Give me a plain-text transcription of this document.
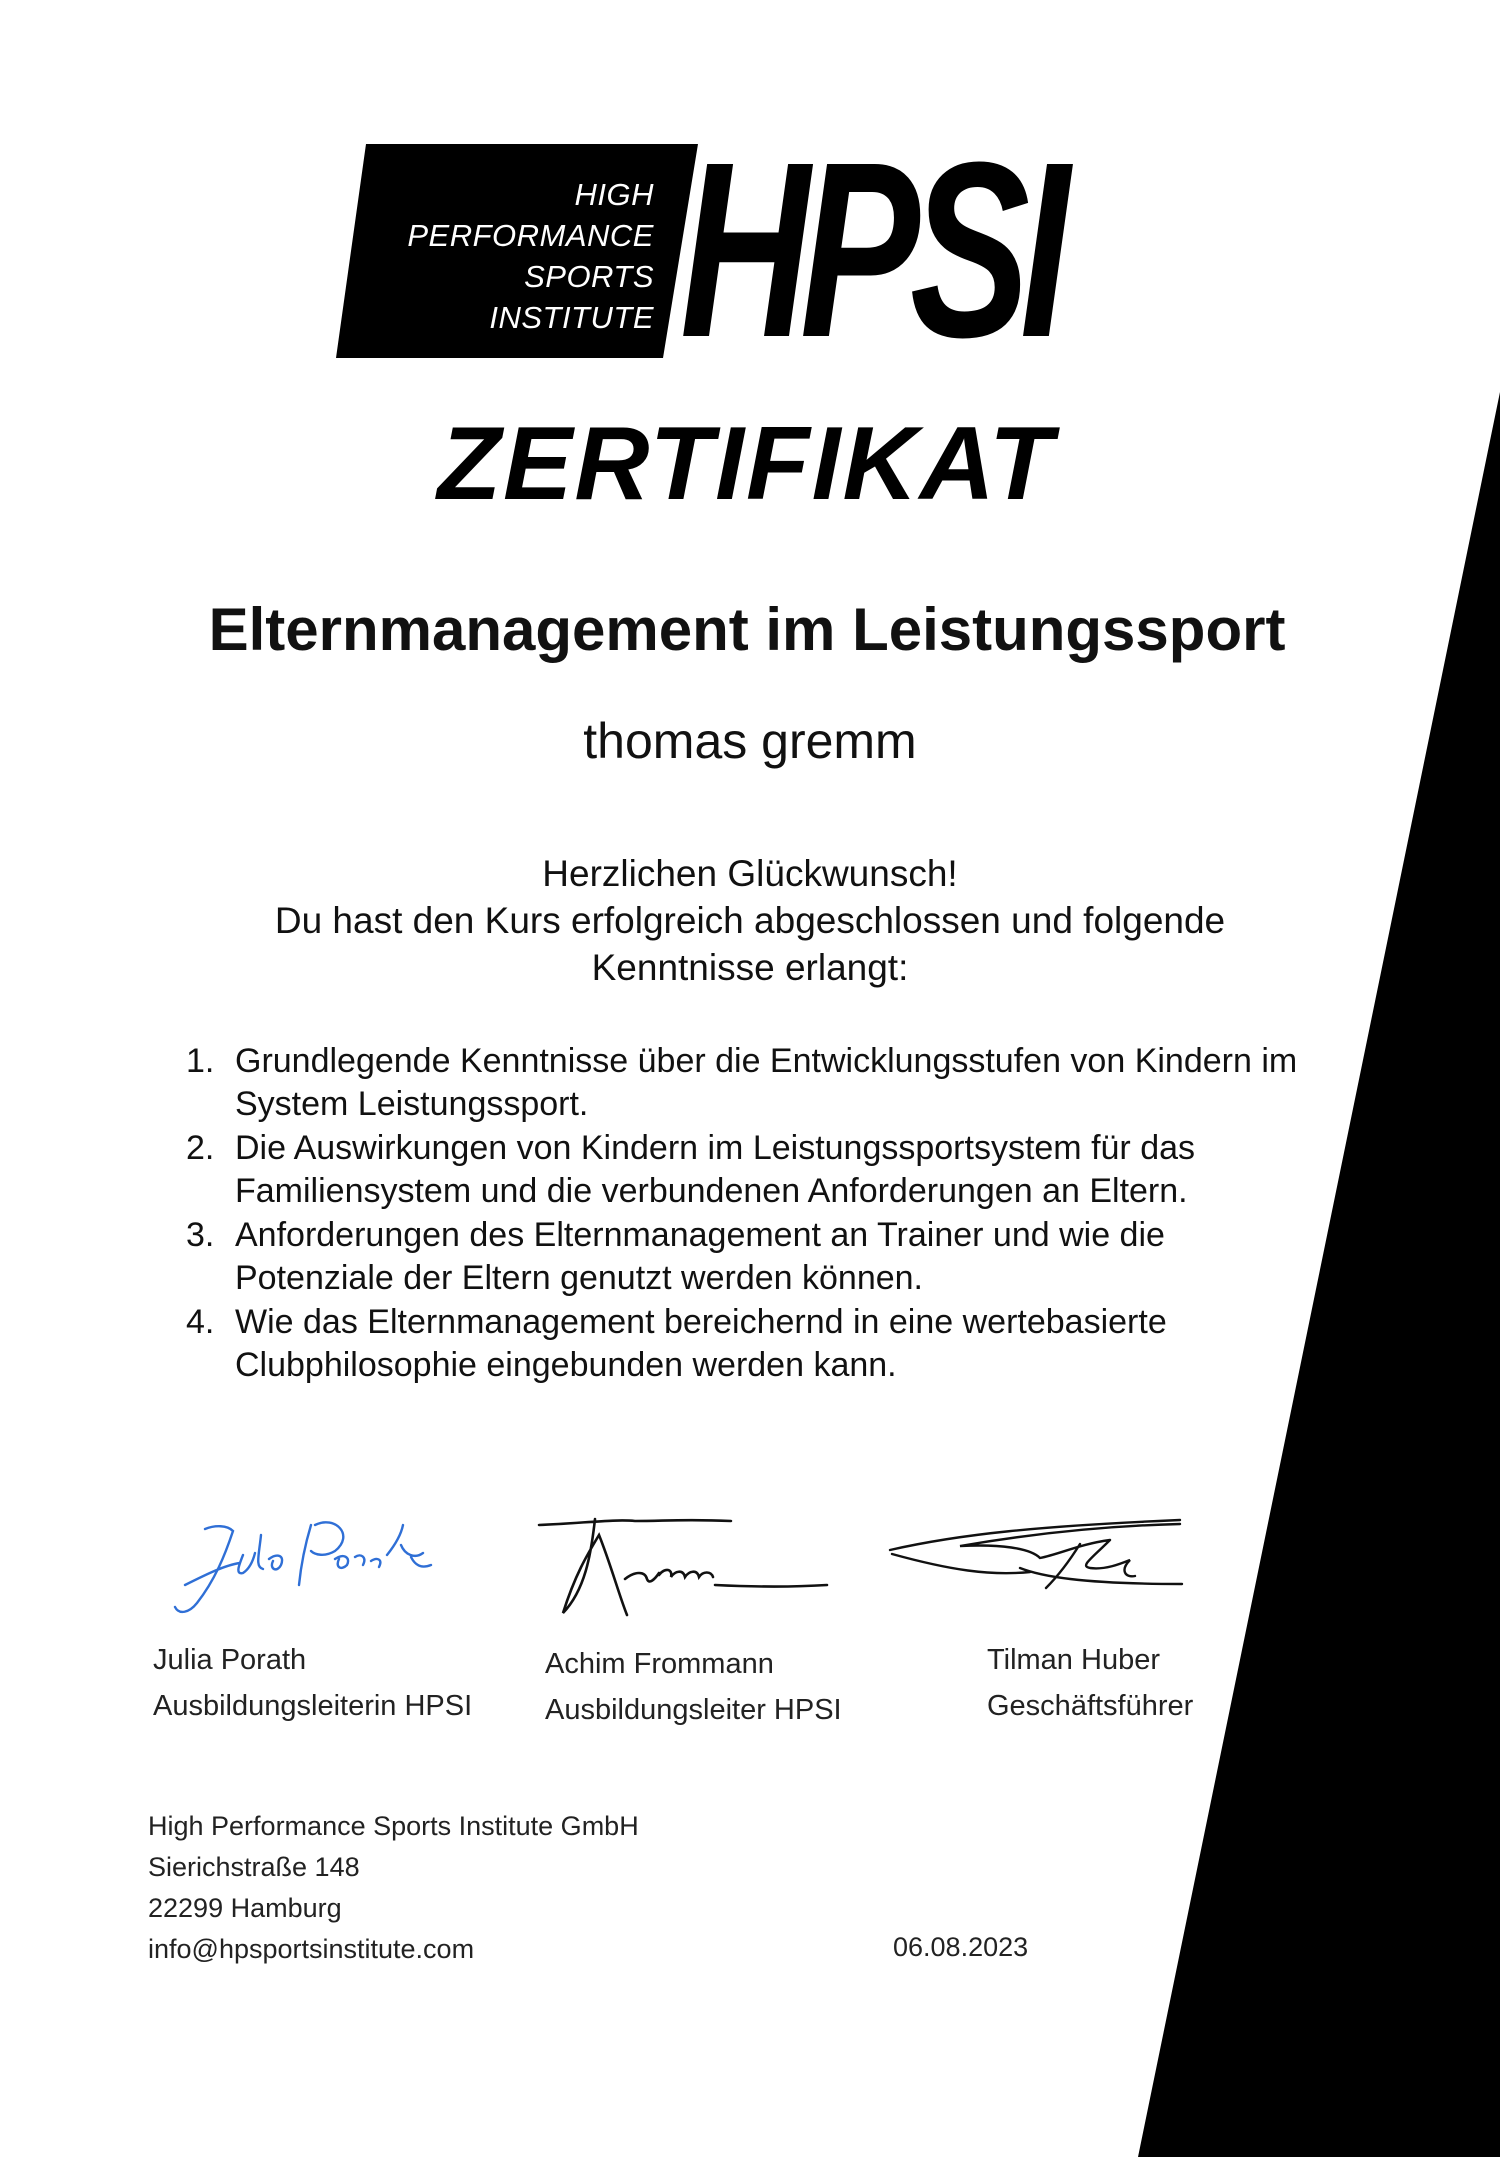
HIGH
PERFORMANCE
SPORTS
INSTITUTE HPSI
ZERTIFIKAT
Elternmanagement im Leistungssport
thomas gremm
Herzlichen Glückwunsch!
Du hast den Kurs erfolgreich abgeschlossen und folgende
Kenntnisse erlangt:
1. Grundlegende Kenntnisse über die Entwicklungsstufen von Kindern im System Leistungssport.
2. Die Auswirkungen von Kindern im Leistungssportsystem für das Familiensystem und die verbundenen Anforderungen an Eltern.
3. Anforderungen des Elternmanagement an Trainer und wie die Potenziale der Eltern genutzt werden können.
4. Wie das Elternmanagement bereichernd in eine wertebasierte Clubphilosophie eingebunden werden kann.
Julia Porath
Ausbildungsleiterin HPSI
Achim Frommann
Ausbildungsleiter HPSI
Tilman Huber
Geschäftsführer
High Performance Sports Institute GmbH
Sierichstraße 148
22299 Hamburg
info@hpsportsinstitute.com	06.08.2023
